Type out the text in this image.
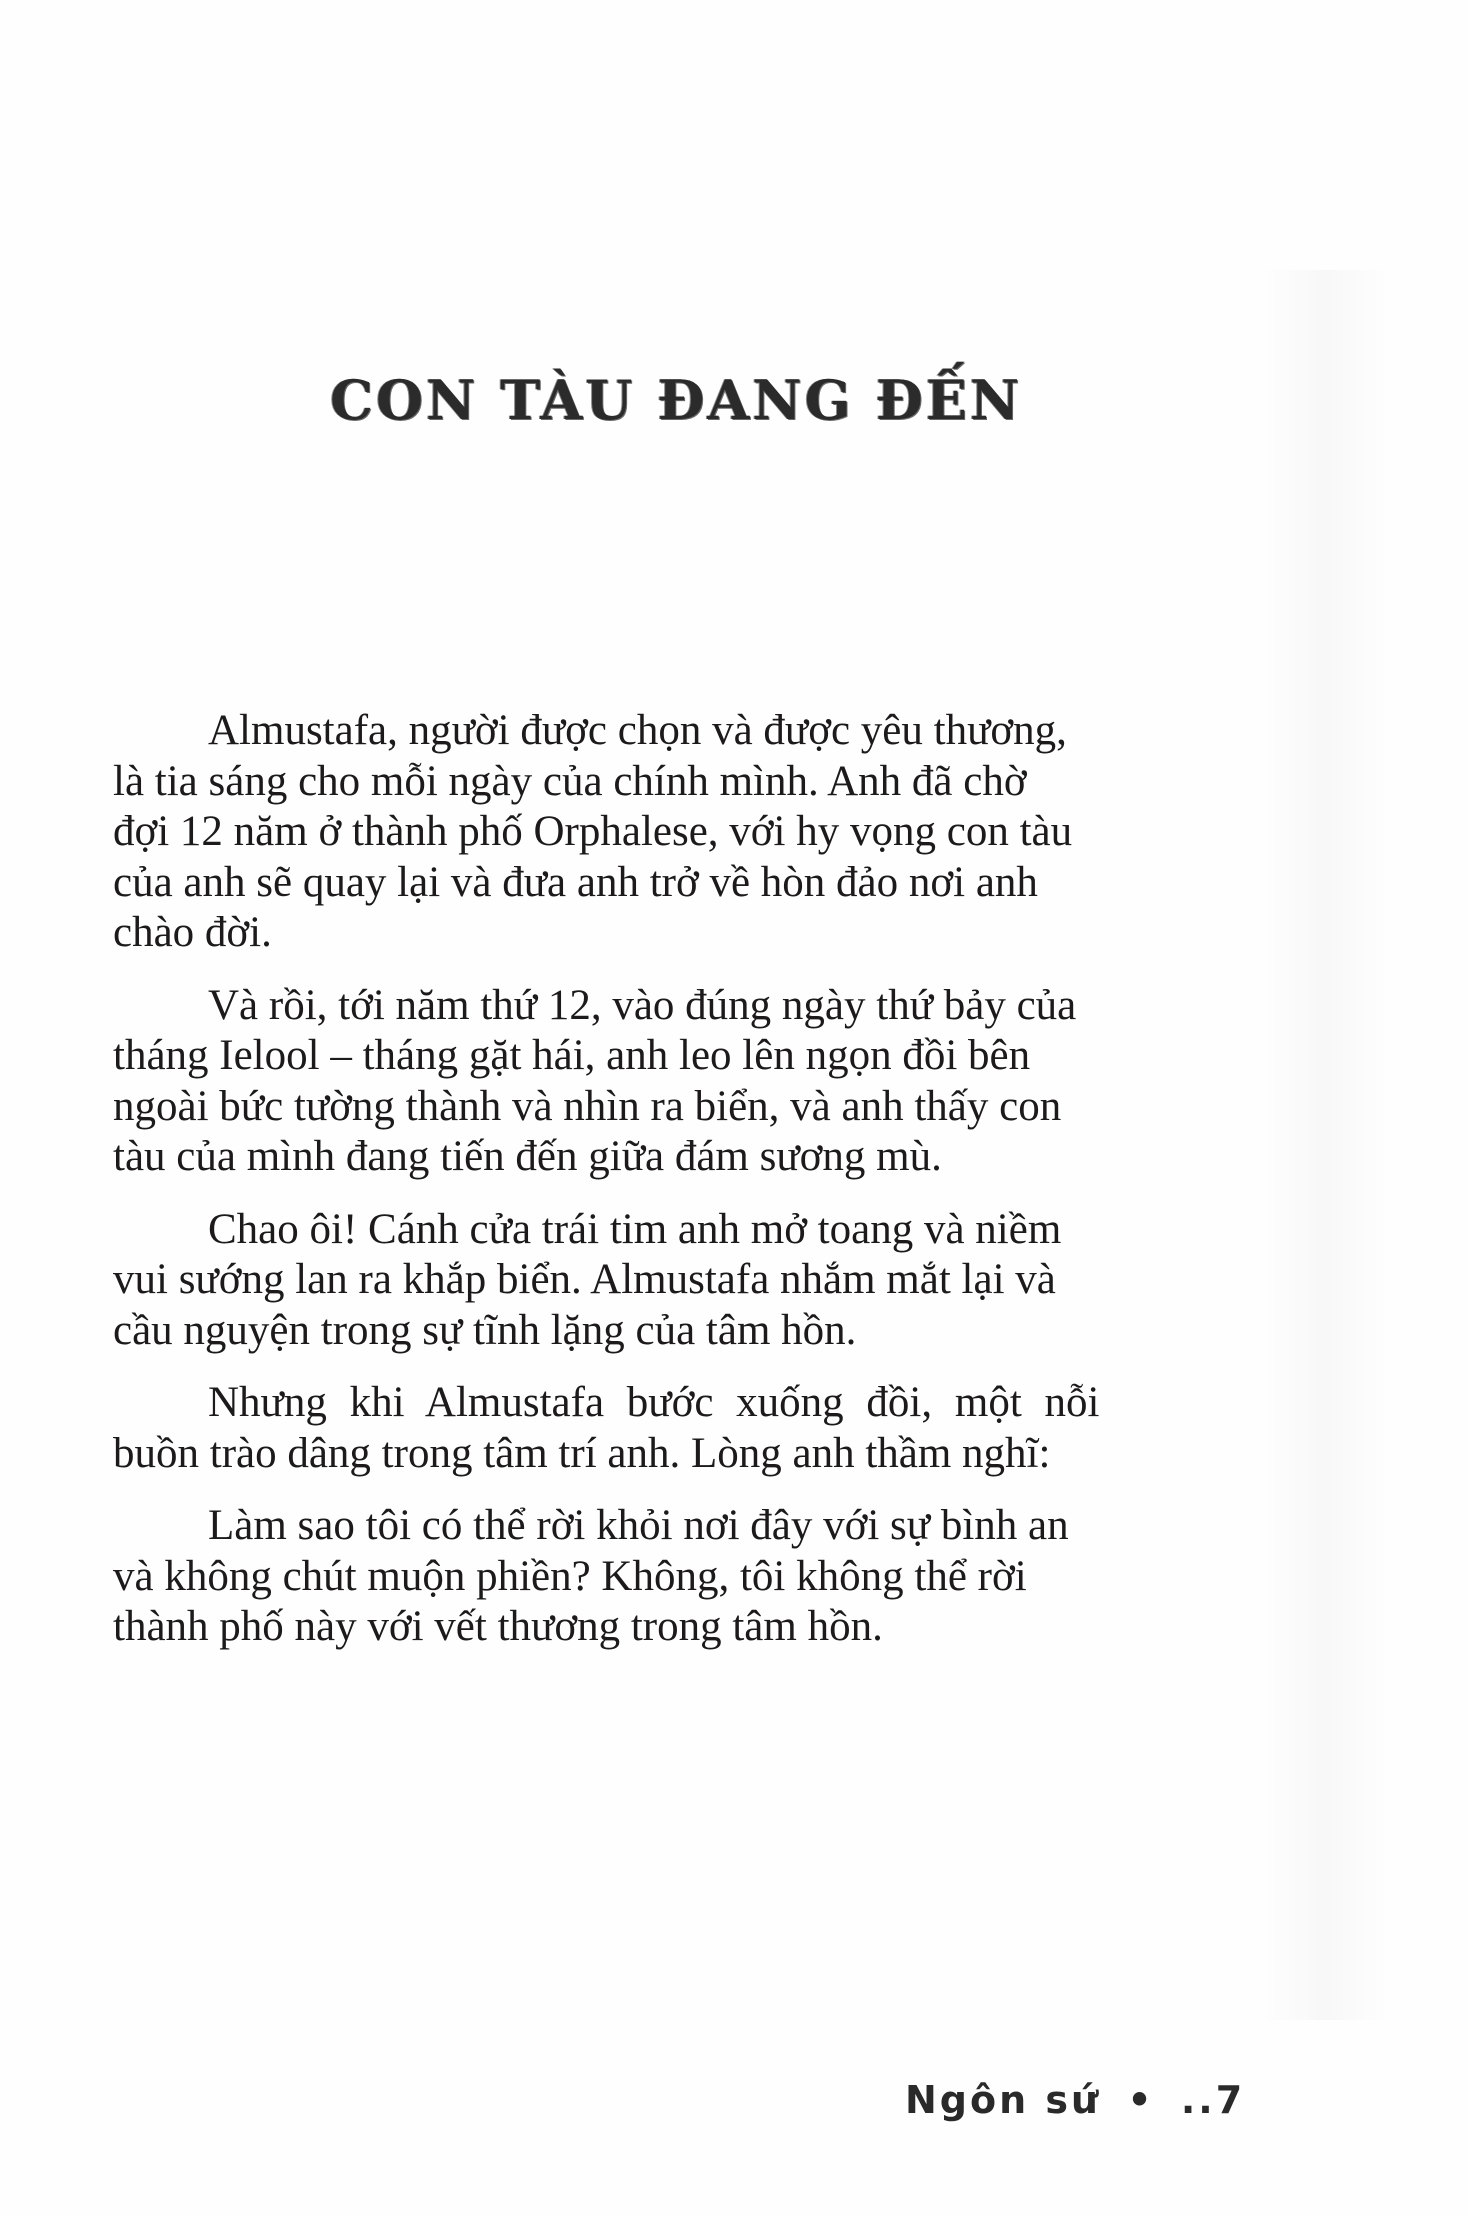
CON TÀU ĐANG ĐẾN

Almustafa, người được chọn và được yêu thương,
là tia sáng cho mỗi ngày của chính mình. Anh đã chờ
đợi 12 năm ở thành phố Orphalese, với hy vọng con tàu
của anh sẽ quay lại và đưa anh trở về hòn đảo nơi anh
chào đời.

Và rồi, tới năm thứ 12, vào đúng ngày thứ bảy của
tháng Ielool – tháng gặt hái, anh leo lên ngọn đồi bên
ngoài bức tường thành và nhìn ra biển, và anh thấy con
tàu của mình đang tiến đến giữa đám sương mù.

Chao ôi! Cánh cửa trái tim anh mở toang và niềm
vui sướng lan ra khắp biển. Almustafa nhắm mắt lại và
cầu nguyện trong sự tĩnh lặng của tâm hồn.

Nhưng khi Almustafa bước xuống đồi, một nỗi
buồn trào dâng trong tâm trí anh. Lòng anh thầm nghĩ:

Làm sao tôi có thể rời khỏi nơi đây với sự bình an
và không chút muộn phiền? Không, tôi không thể rời
thành phố này với vết thương trong tâm hồn.

Ngôn sứ • ..7
